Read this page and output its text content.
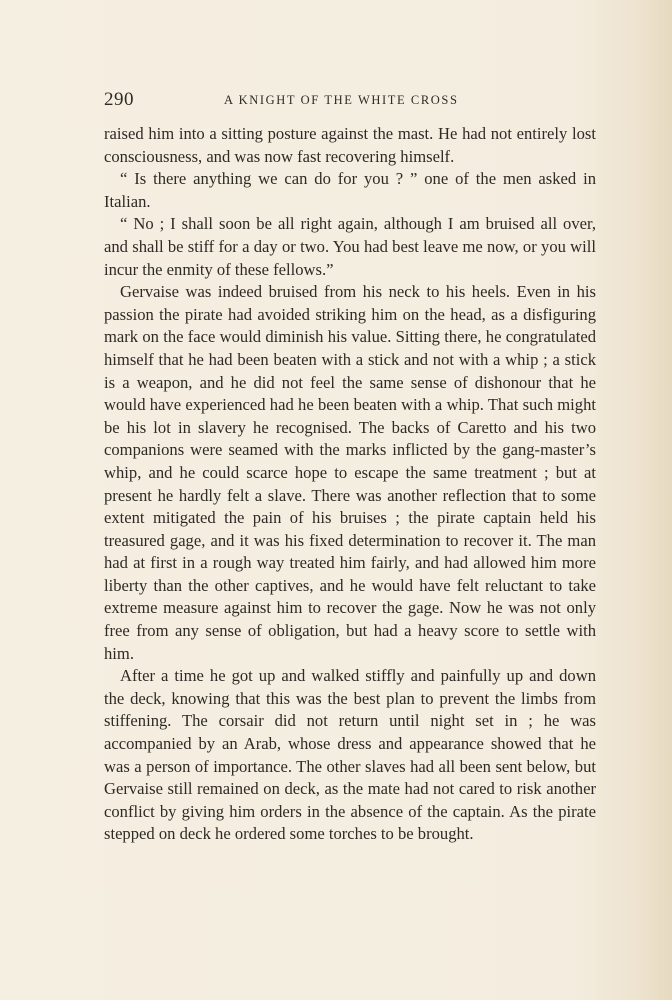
290	A KNIGHT OF THE WHITE CROSS

raised him into a sitting posture against the mast. He had not entirely lost consciousness, and was now fast recovering himself.

“ Is there anything we can do for you ? ” one of the men asked in Italian.

“ No ; I shall soon be all right again, although I am bruised all over, and shall be stiff for a day or two. You had best leave me now, or you will incur the enmity of these fellows.”

Gervaise was indeed bruised from his neck to his heels. Even in his passion the pirate had avoided striking him on the head, as a disfiguring mark on the face would diminish his value. Sitting there, he congratulated himself that he had been beaten with a stick and not with a whip ; a stick is a weapon, and he did not feel the same sense of dishonour that he would have experienced had he been beaten with a whip. That such might be his lot in slavery he recognised. The backs of Caretto and his two companions were seamed with the marks inflicted by the gang-master’s whip, and he could scarce hope to escape the same treatment ; but at present he hardly felt a slave. There was another reflection that to some extent mitigated the pain of his bruises ; the pirate captain held his treasured gage, and it was his fixed determination to recover it. The man had at first in a rough way treated him fairly, and had allowed him more liberty than the other captives, and he would have felt reluctant to take extreme measure against him to recover the gage. Now he was not only free from any sense of obligation, but had a heavy score to settle with him.

After a time he got up and walked stiffly and painfully up and down the deck, knowing that this was the best plan to prevent the limbs from stiffening. The corsair did not return until night set in ; he was accompanied by an Arab, whose dress and appearance showed that he was a person of importance. The other slaves had all been sent below, but Gervaise still remained on deck, as the mate had not cared to risk another conflict by giving him orders in the absence of the captain. As the pirate stepped on deck he ordered some torches to be brought.
